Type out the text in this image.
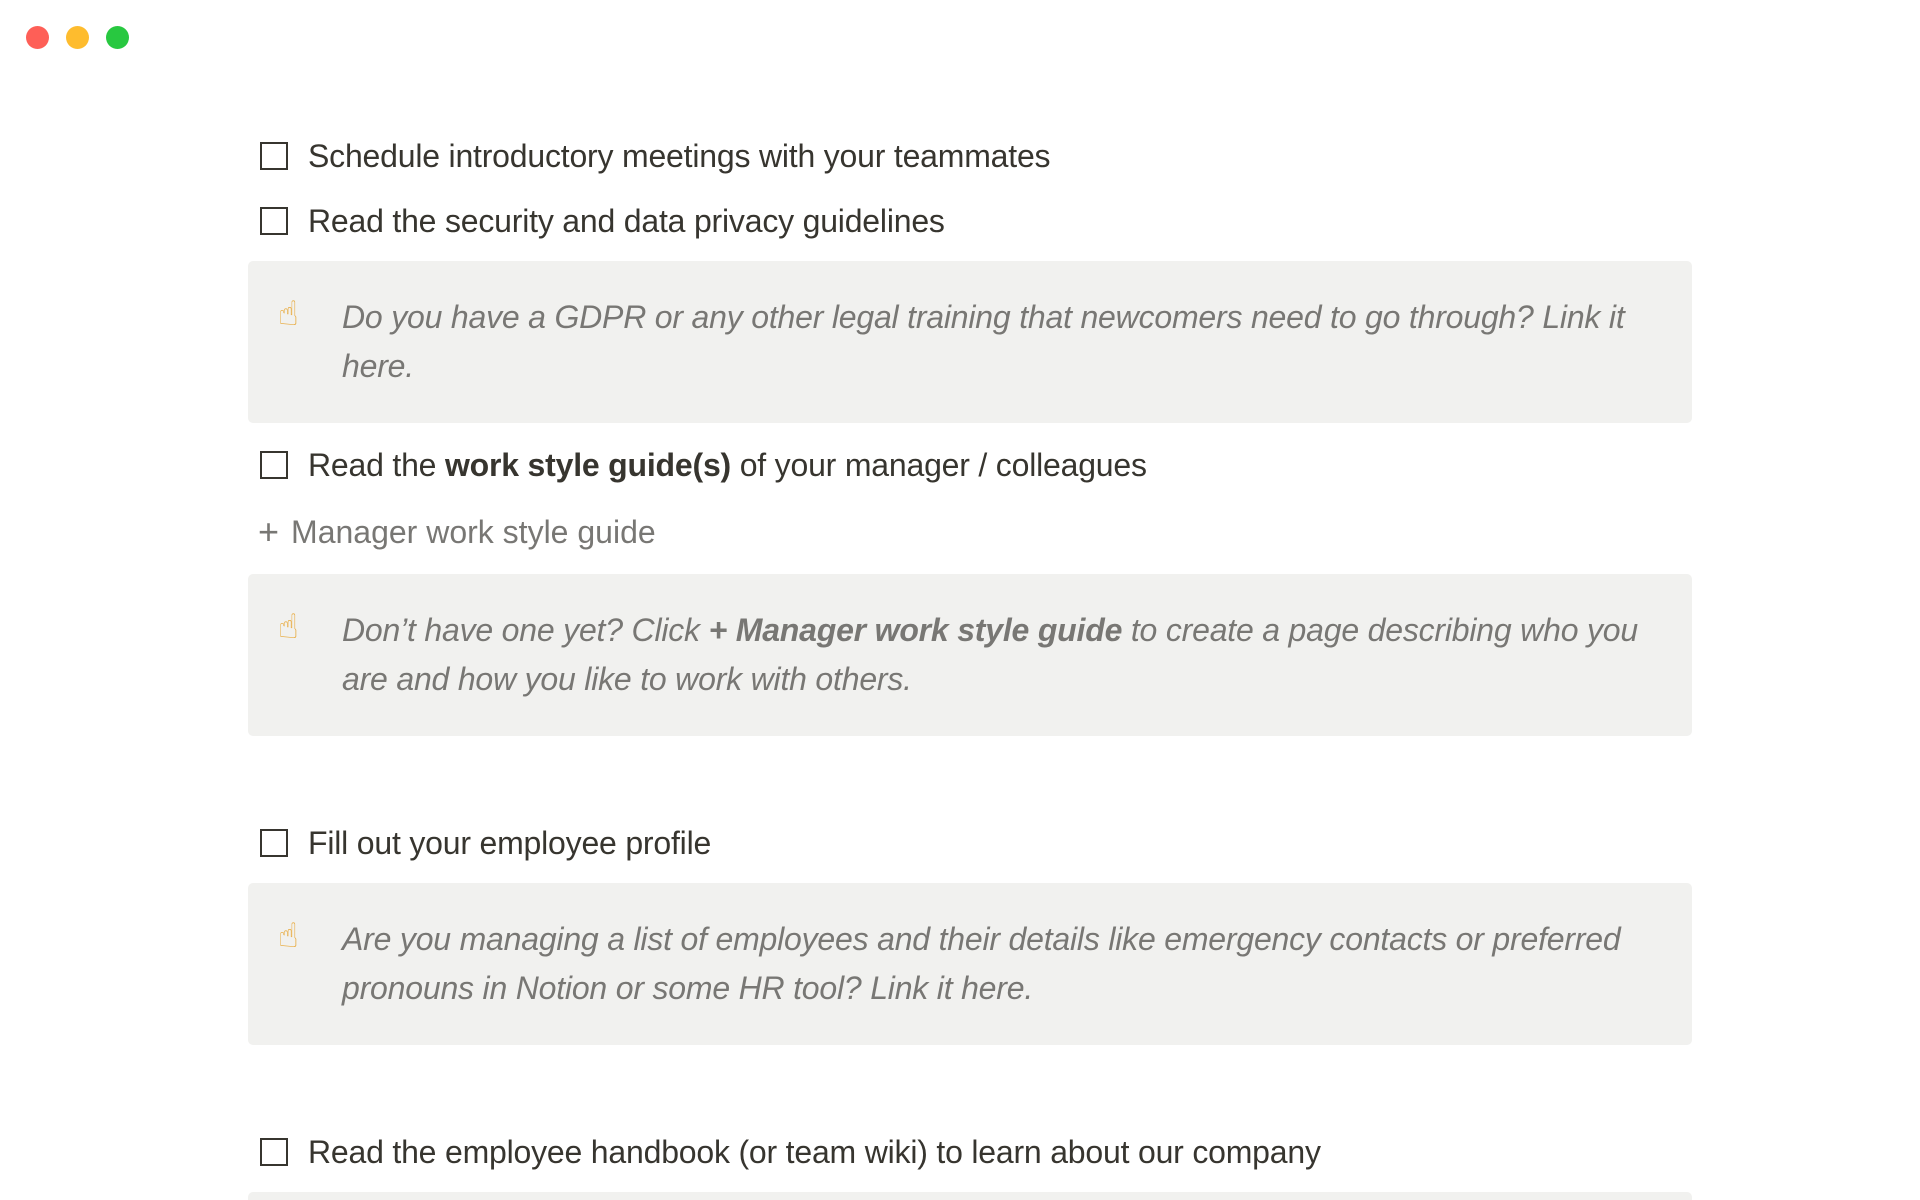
Schedule introductory meetings with your teammates
Read the security and data privacy guidelines
☝ Do you have a GDPR or any other legal training that newcomers need to go through? Link it here.
Read the work style guide(s) of your manager / colleagues
+ Manager work style guide
☝ Don’t have one yet? Click + Manager work style guide to create a page describing who you are and how you like to work with others.
Fill out your employee profile
☝ Are you managing a list of employees and their details like emergency contacts or preferred pronouns in Notion or some HR tool? Link it here.
Read the employee handbook (or team wiki) to learn about our company
